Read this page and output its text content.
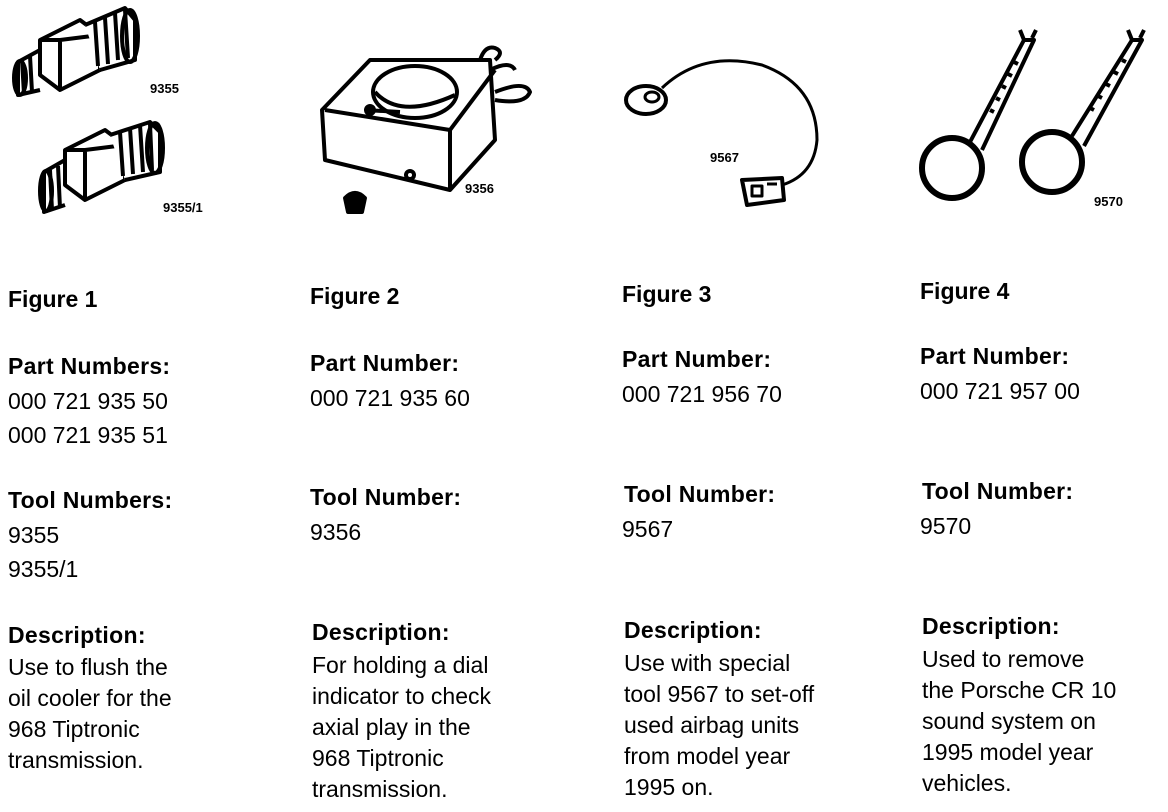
9355
9355/1
Figure 1
Part Numbers:
000 721 935 50
000 721 935 51
Tool Numbers:
9355
9355/1
Description:
Use to flush the
oil cooler for the
968 Tiptronic
transmission.
9356
Figure 2
Part Number:
000 721 935 60
Tool Number:
9356
Description:
For holding a dial
indicator to check
axial play in the
968 Tiptronic
transmission.
9567
Figure 3
Part Number:
000 721 956 70
Tool Number:
9567
Description:
Use with special
tool 9567 to set-off
used airbag units
from model year
1995 on.
9570
Figure 4
Part Number:
000 721 957 00
Tool Number:
9570
Description:
Used to remove
the Porsche CR 10
sound system on
1995 model year
vehicles.
